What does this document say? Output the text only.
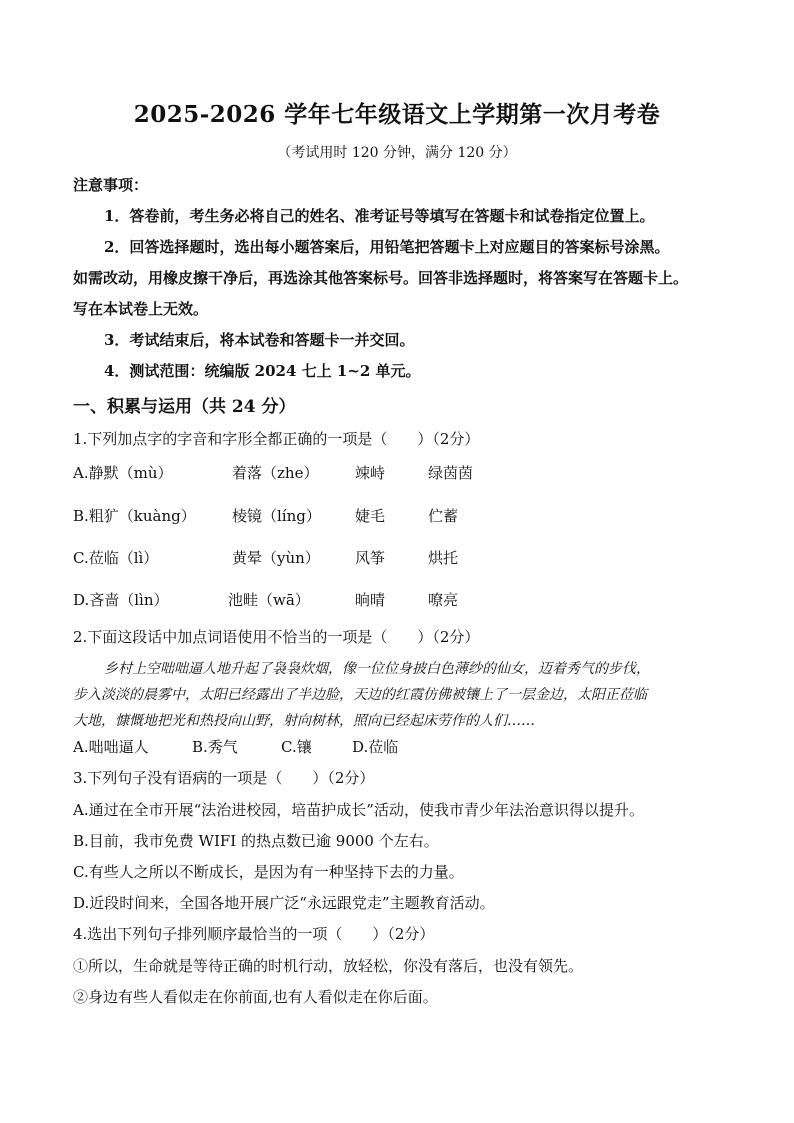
2025-2026 学年七年级语文上学期第一次月考卷
（考试用时 120 分钟，满分 120 分）
注意事项：
1．答卷前，考生务必将自己的姓名、准考证号等填写在答题卡和试卷指定位置上。
2．回答选择题时，选出每小题答案后，用铅笔把答题卡上对应题目的答案标号涂黑。
如需改动，用橡皮擦干净后，再选涂其他答案标号。回答非选择题时，将答案写在答题卡上。
写在本试卷上无效。
3．考试结束后，将本试卷和答题卡一并交回。
4．测试范围：统编版 2024 七上 1~2 单元。
一、积累与运用（共 24 分）
1.下列加点字的字音和字形全都正确的一项是（　　）（2分）
A.静默（mù）	着落（zhe） 竦峙	绿茵茵
B.粗犷（kuàng） 棱镜（líng） 婕毛	伫蓄
C.莅临（lì）	黄晕（yùn） 风筝	烘托
D.吝啬（lìn）	池畦（wā）	晌晴	嘹亮
2.下面这段话中加点词语使用不恰当的一项是（　　）（2分）
乡村上空咄咄逼人地升起了袅袅炊烟，像一位位身披白色薄纱的仙女，迈着秀气的步伐，
步入淡淡的晨雾中，太阳已经露出了半边脸，天边的红霞仿佛被镶上了一层金边，太阳正莅临
大地，慷慨地把光和热投向山野，射向树林，照向已经起床劳作的人们……
A.咄咄逼人	B.秀气	C.镶	D.莅临
3.下列句子没有语病的一项是（　　）（2分）
A.通过在全市开展“法治进校园，培苗护成长”活动，使我市青少年法治意识得以提升。
B.目前，我市免费 WIFI 的热点数已逾 9000 个左右。
C.有些人之所以不断成长，是因为有一种坚持下去的力量。
D.近段时间来，全国各地开展广泛“永远跟党走”主题教育活动。
4.选出下列句子排列顺序最恰当的一项（　　）（2分）
①所以，生命就是等待正确的时机行动，放轻松，你没有落后，也没有领先。
②身边有些人看似走在你前面,也有人看似走在你后面。
